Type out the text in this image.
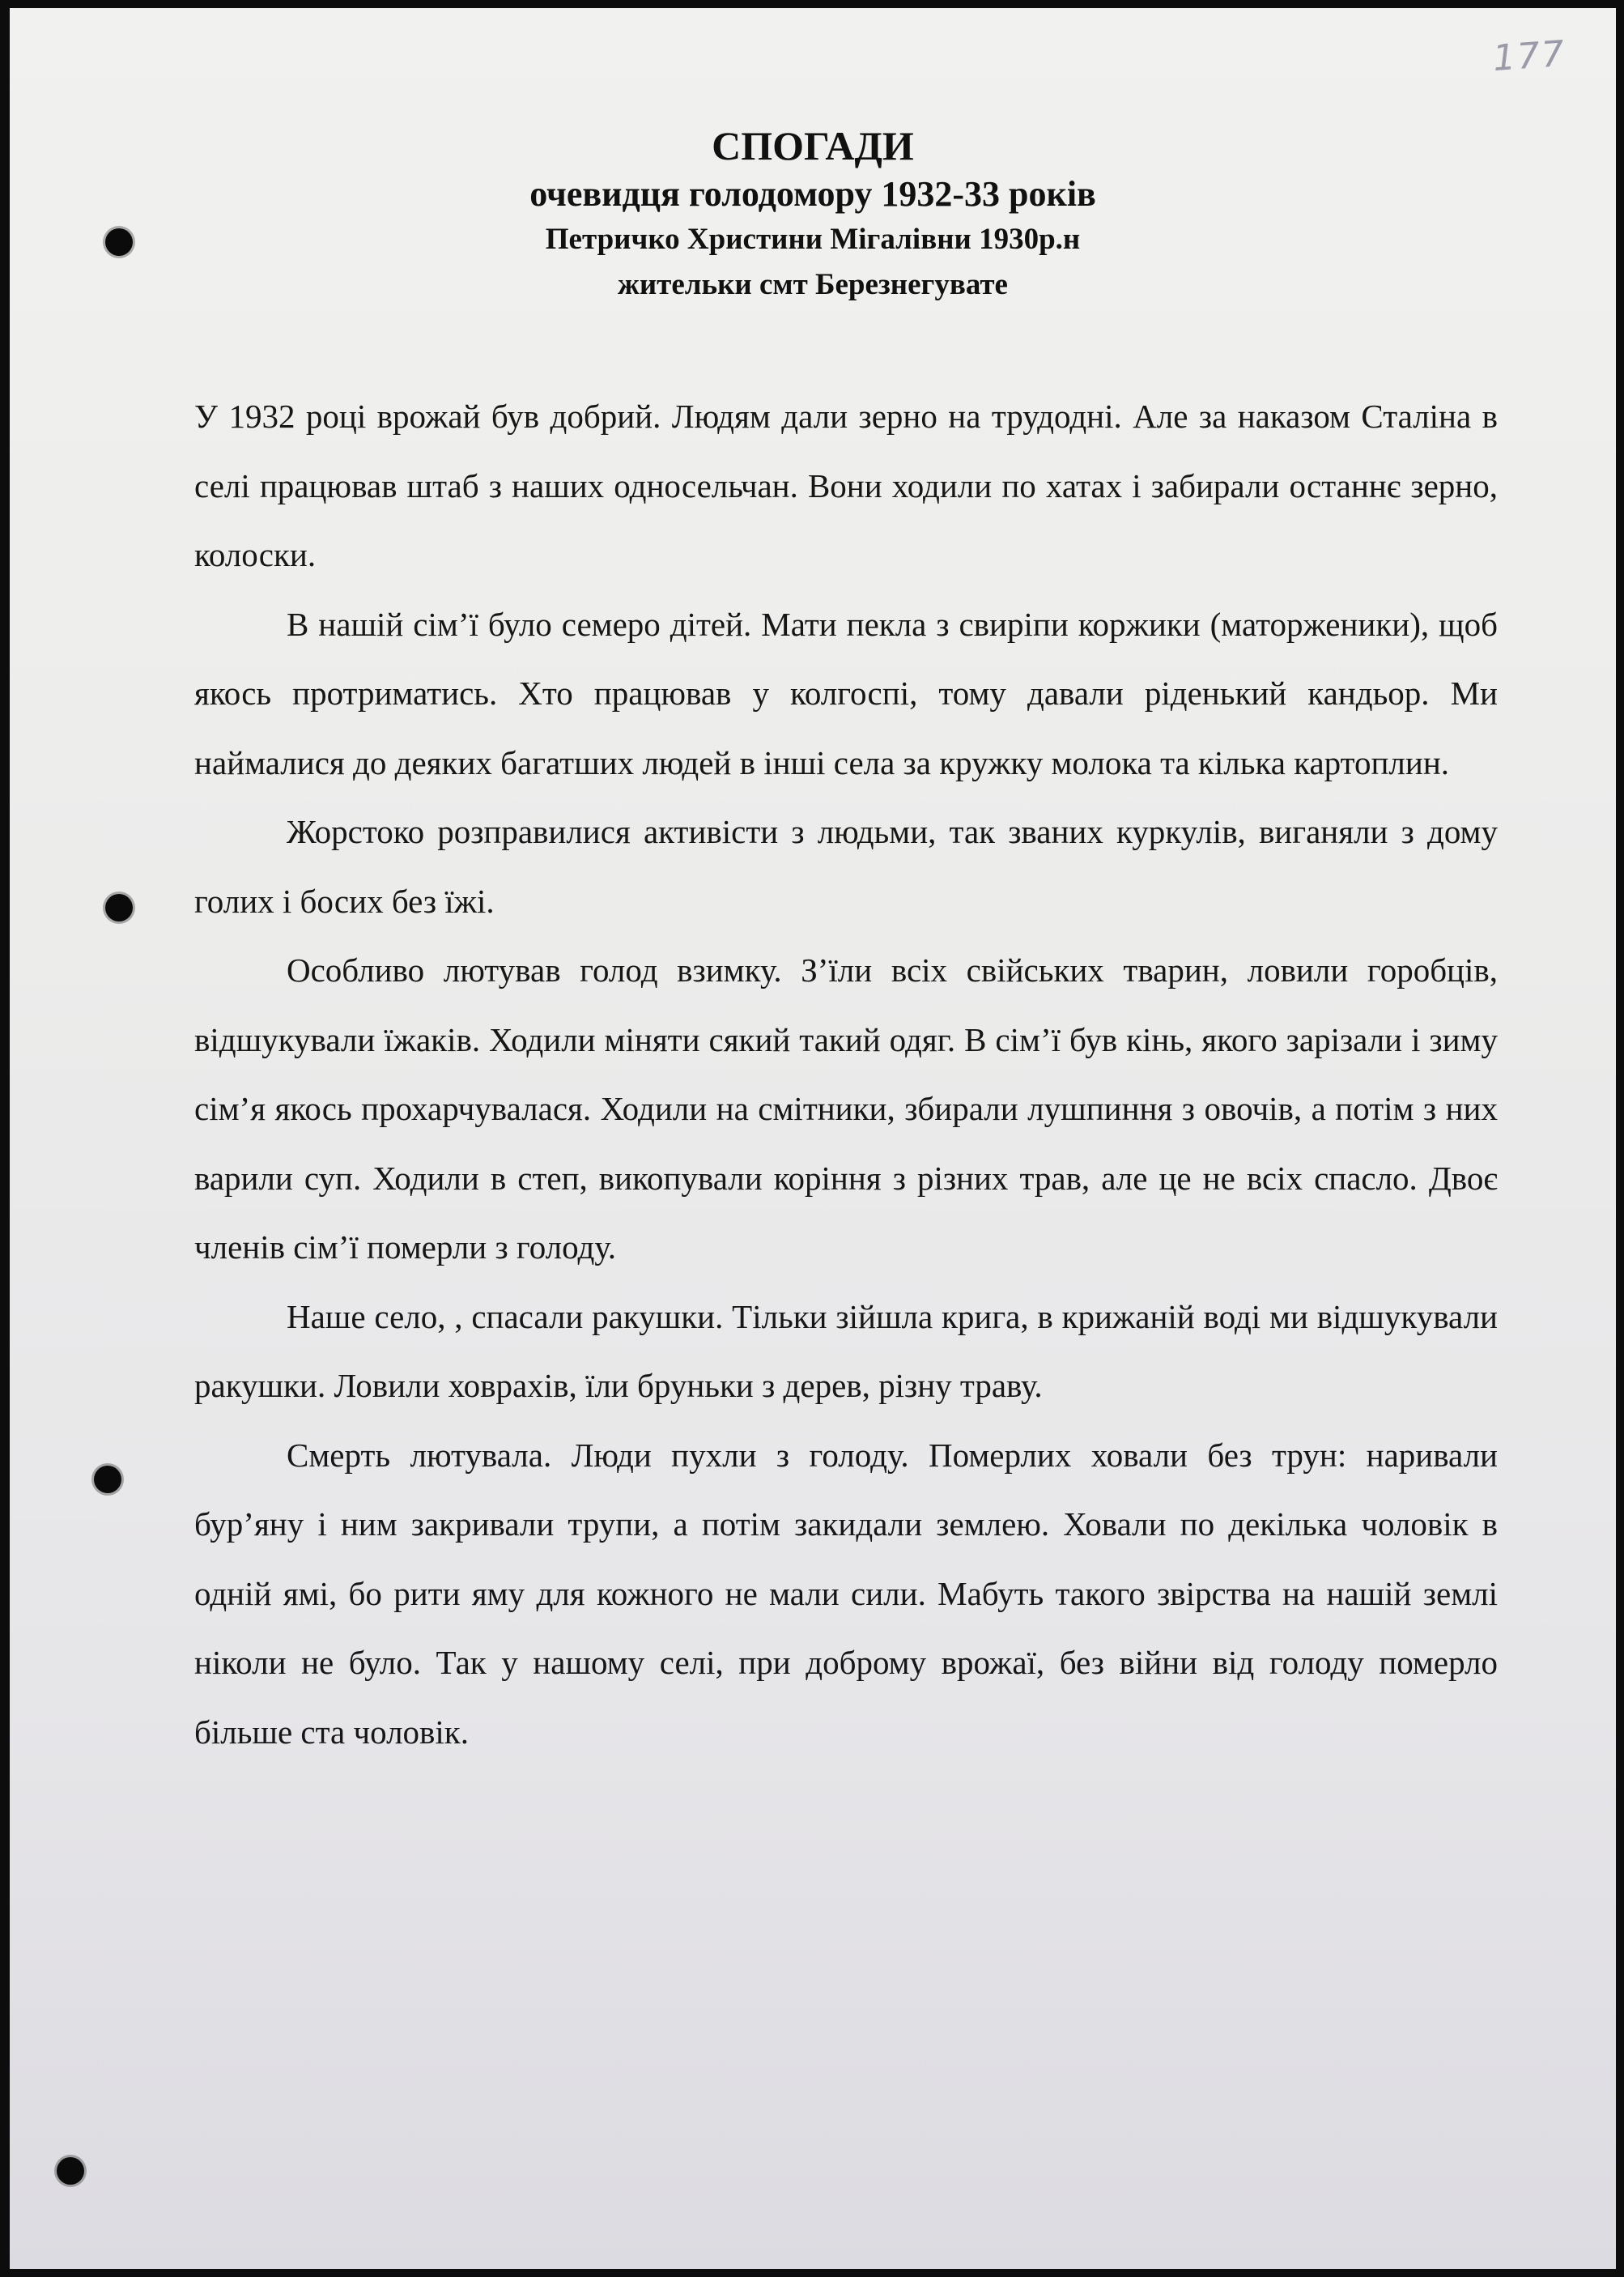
177

СПОГАДИ

очевидця голодомору 1932-33 років

Петричко Христини Мігалівни 1930р.н

жительки смт Березнегувате

У 1932 році врожай був добрий. Людям дали зерно на трудодні. Але за наказом Сталіна в селі працював штаб з наших односельчан. Вони ходили по хатах і забирали останнє зерно, колоски.

В нашій сім’ї було семеро дітей. Мати пекла з свиріпи коржики (маторженики), щоб якось протриматись. Хто працював у колгоспі, тому давали ріденький кандьор. Ми наймалися до деяких багатших людей в інші села за кружку молока та кілька картоплин.

Жорстоко розправилися активісти з людьми, так званих куркулів, виганяли з дому голих і босих без їжі.

Особливо лютував голод взимку. З’їли всіх свійських тварин, ловили горобців, відшукували їжаків. Ходили міняти сякий такий одяг. В сім’ї був кінь, якого зарізали і зиму сім’я якось прохарчувалася. Ходили на смітники, збирали лушпиння з овочів, а потім з них варили суп. Ходили в степ, викопували коріння з різних трав, але це не всіх спасло. Двоє членів сім’ї померли з голоду.

Наше село, , спасали ракушки. Тільки зійшла крига, в крижаній воді ми відшукували ракушки. Ловили ховрахів, їли бруньки з дерев, різну траву.

Смерть лютувала. Люди пухли з голоду. Померлих ховали без трун: наривали бур’яну і ним закривали трупи, а потім закидали землею. Ховали по декілька чоловік в одній ямі, бо рити яму для кожного не мали сили. Мабуть такого звірства на нашій землі ніколи не було. Так у нашому селі, при доброму врожаї, без війни від голоду померло більше ста чоловік.
